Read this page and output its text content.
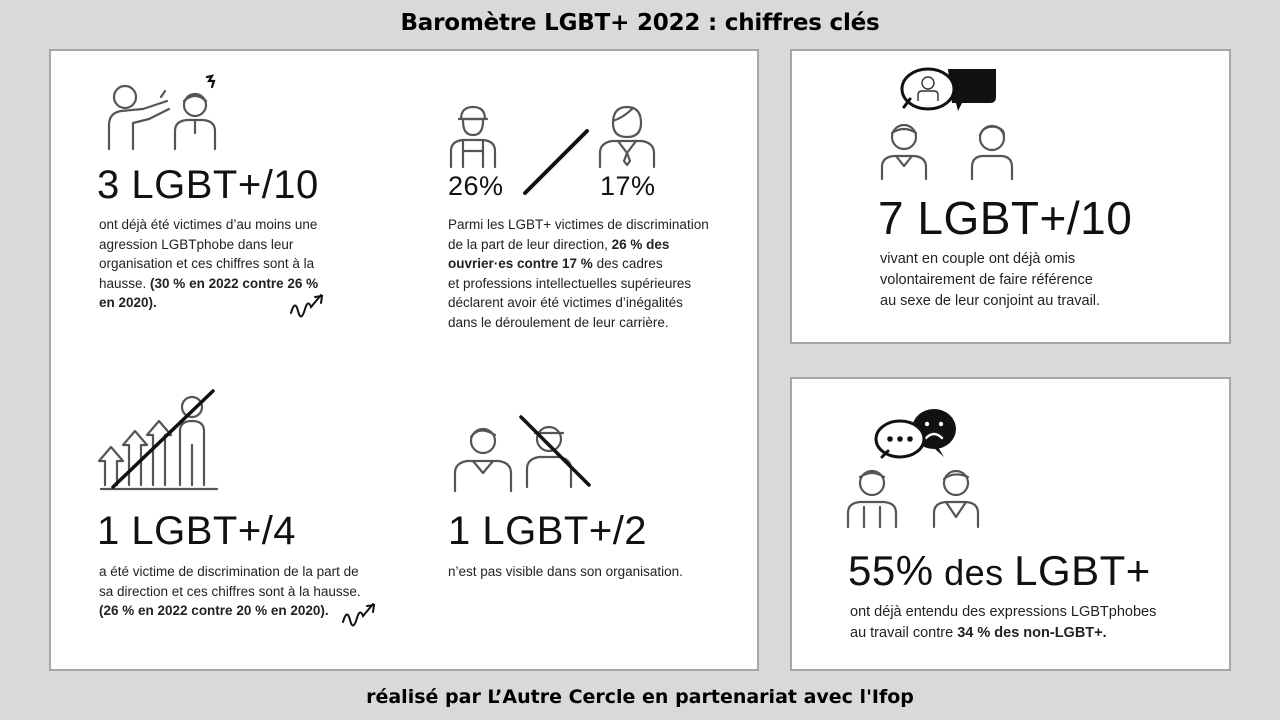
Baromètre LGBT+ 2022 : chiffres clés
3 LGBT+/10
ont déjà été victimes d’au moins une
agression LGBTphobe dans leur
organisation et ces chiffres sont à la
hausse. (30 % en 2022 contre 26 %
en 2020).
26%	17%
Parmi les LGBT+ victimes de discrimination
de la part de leur direction, 26 % des
ouvrier·es contre 17 % des cadres
et professions intellectuelles supérieures
déclarent avoir été victimes d’inégalités
dans le déroulement de leur carrière.
1 LGBT+/4
a été victime de discrimination de la part de
sa direction et ces chiffres sont à la hausse.
(26 % en 2022 contre 20 % en 2020).
1 LGBT+/2
n’est pas visible dans son organisation.
7 LGBT+/10
vivant en couple ont déjà omis
volontairement de faire référence
au sexe de leur conjoint au travail.
55% des LGBT+
ont déjà entendu des expressions LGBTphobes
au travail contre 34 % des non-LGBT+.
réalisé par L’Autre Cercle en partenariat avec l'Ifop
